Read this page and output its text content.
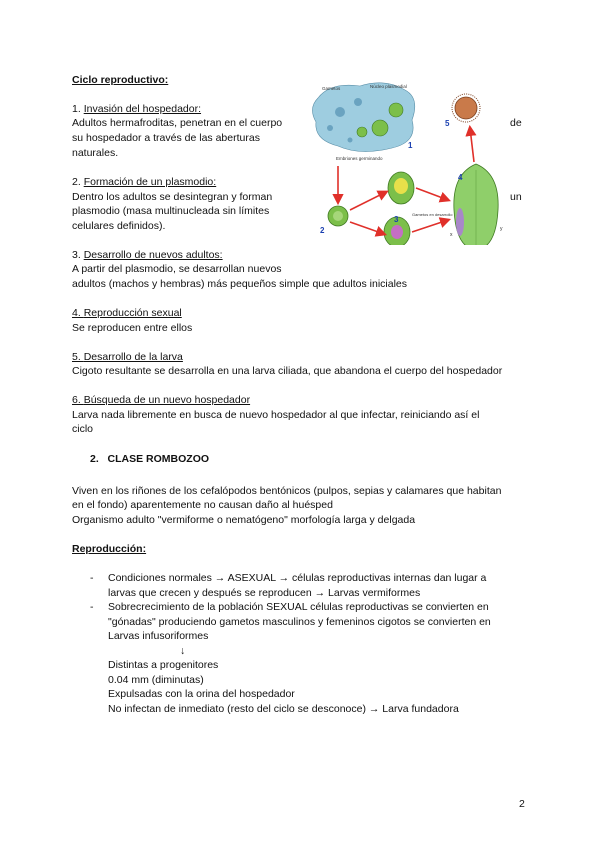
Ciclo reproductivo:
1. Invasión del hospedador:
Adultos hermafroditas, penetran en el cuerpo
su hospedador a través de las aberturas
naturales.
de
2. Formación de un plasmodio:
Dentro los adultos se desintegran y forman
plasmodio (masa multinucleada sin límites
celulares definidos).
un
3. Desarrollo de nuevos adultos:
A partir del plasmodio, se desarrollan nuevos
adultos (machos y hembras) más pequeños simple que adultos iniciales
4. Reproducción sexual
Se reproducen entre ellos
5. Desarrollo de la larva
Cigoto resultante se desarrolla en una larva ciliada, que abandona el cuerpo del hospedador
6. Búsqueda de un nuevo hospedador
Larva nada libremente en busca de nuevo hospedador al que infectar, reiniciando así el
ciclo
Gametos	Núcleo plasmodial
Embriones germinando
1
2
3
Gametos en desarrollo
4
x
y
5
2. CLASE ROMBOZOO
Viven en los riñones de los cefalópodos bentónicos (pulpos, sepias y calamares que habitan
en el fondo) aparentemente no causan daño al huésped
Organismo adulto "vermiforme o nematógeno" morfología larga y delgada
Reproducción:
- Condiciones normales → ASEXUAL → células reproductivas internas dan lugar a
larvas que crecen y después se reproducen → Larvas vermiformes
- Sobrecrecimiento de la población SEXUAL células reproductivas se convierten en
"gónadas" produciendo gametos masculinos y femeninos cigotos se convierten en
Larvas infusoriformes
↓
Distintas a progenitores
0.04 mm (diminutas)
Expulsadas con la orina del hospedador
No infectan de inmediato (resto del ciclo se desconoce) → Larva fundadora
2
